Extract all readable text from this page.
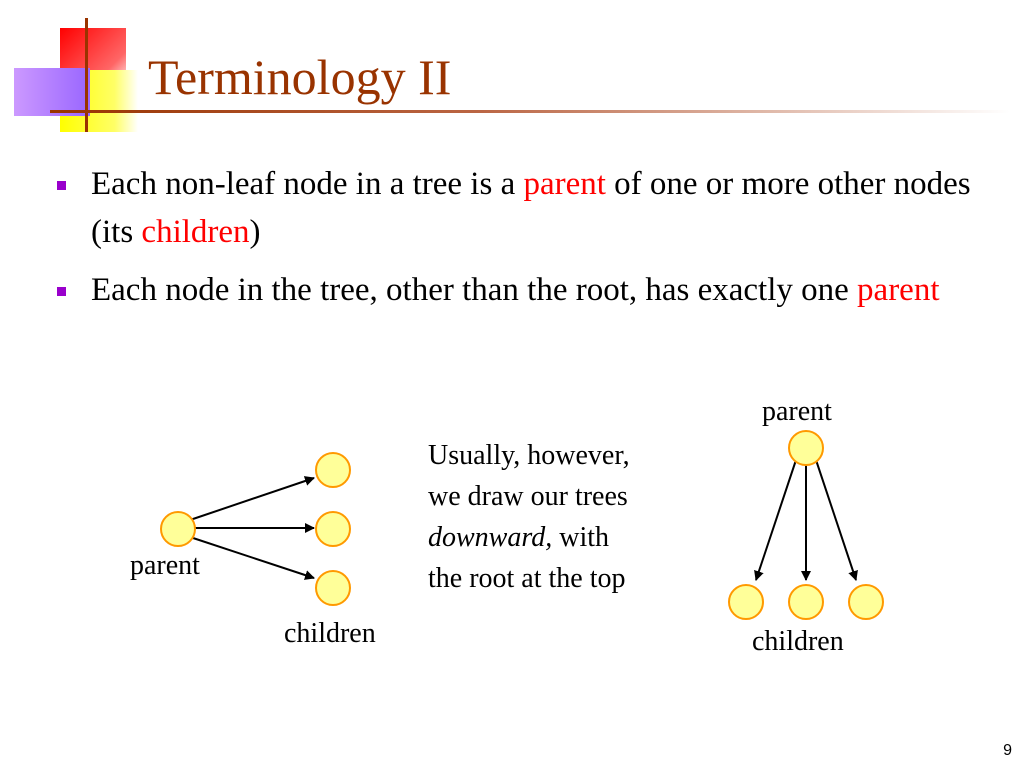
Terminology II
Each non-leaf node in a tree is a parent of one or more other nodes (its children)
Each node in the tree, other than the root, has exactly one parent
parent
children
Usually, however,
we draw our trees
downward, with
the root at the top
parent
children
9
